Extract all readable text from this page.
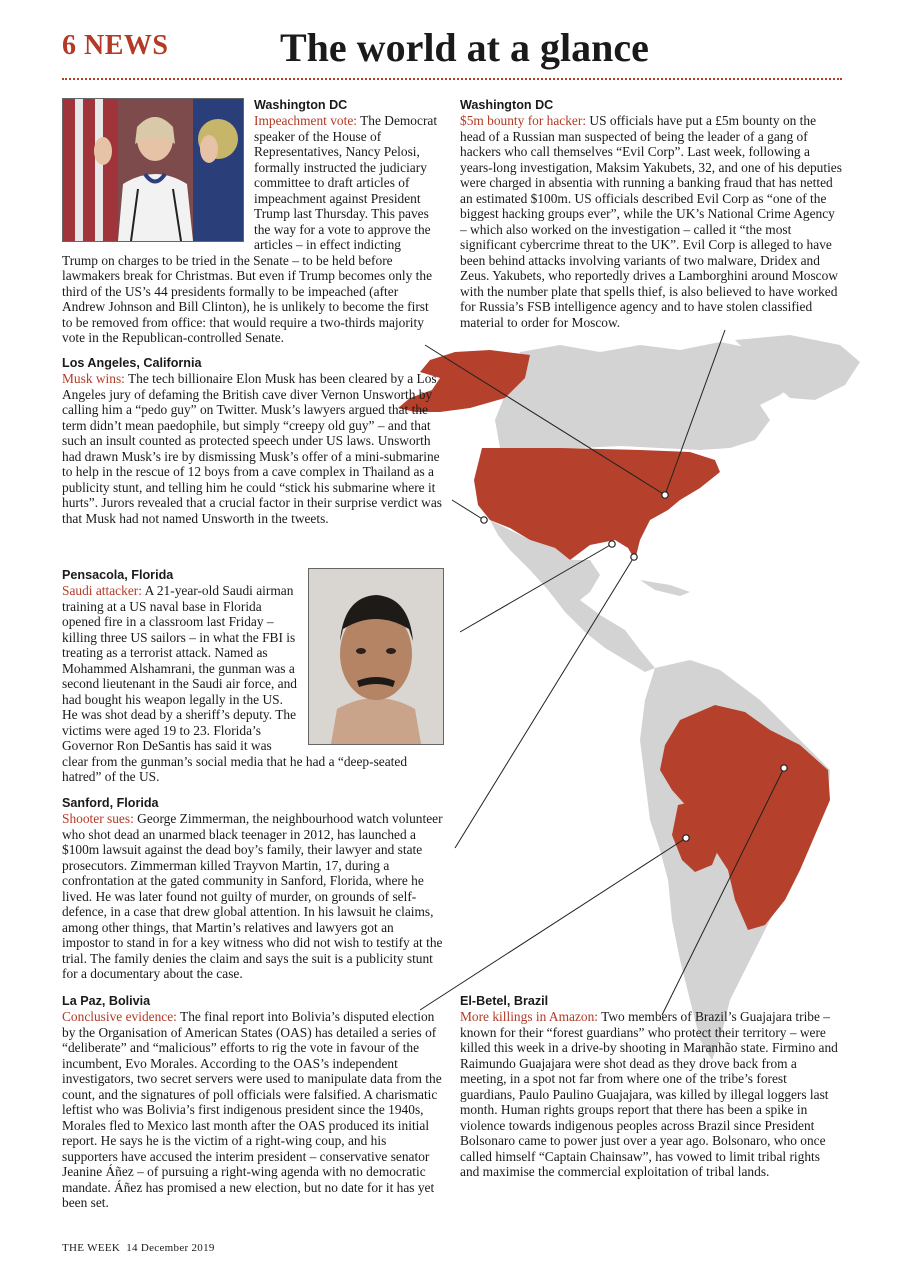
6 NEWS	The world at a glance
Washington DC
Impeachment vote: The Democrat speaker of the House of Representatives, Nancy Pelosi, formally instructed the judiciary committee to draft articles of impeachment against President Trump last Thursday. This paves the way for a vote to approve the articles – in effect indicting Trump on charges to be tried in the Senate – to be held before lawmakers break for Christmas. But even if Trump becomes only the third of the US’s 44 presidents formally to be impeached (after Andrew Johnson and Bill Clinton), he is unlikely to become the first to be removed from office: that would require a two-thirds majority vote in the Republican-controlled Senate.
Washington DC
$5m bounty for hacker: US officials have put a £5m bounty on the head of a Russian man suspected of being the leader of a gang of hackers who call themselves “Evil Corp”. Last week, following a years-long investigation, Maksim Yakubets, 32, and one of his deputies were charged in absentia with running a banking fraud that has netted an estimated $100m. US officials described Evil Corp as “one of the biggest hacking groups ever”, while the UK’s National Crime Agency – which also worked on the investigation – called it “the most significant cybercrime threat to the UK”. Evil Corp is alleged to have been behind attacks involving variants of two malware, Dridex and Zeus. Yakubets, who reportedly drives a Lamborghini around Moscow with the number plate that spells thief, is also believed to have worked for Russia’s FSB intelligence agency and to have stolen classified material to order for Moscow.
Los Angeles, California
Musk wins: The tech billionaire Elon Musk has been cleared by a Los Angeles jury of defaming the British cave diver Vernon Unsworth by calling him a “pedo guy” on Twitter. Musk’s lawyers argued that the term didn’t mean paedophile, but simply “creepy old guy” – and that such an insult counted as protected speech under US laws. Unsworth had drawn Musk’s ire by dismissing Musk’s offer of a mini-submarine to help in the rescue of 12 boys from a cave complex in Thailand as a publicity stunt, and telling him he could “stick his submarine where it hurts”. Jurors revealed that a crucial factor in their surprise verdict was that Musk had not named Unsworth in the tweets.
Pensacola, Florida
Saudi attacker: A 21-year-old Saudi airman training at a US naval base in Florida opened fire in a classroom last Friday – killing three US sailors – in what the FBI is treating as a terrorist attack. Named as Mohammed Alshamrani, the gunman was a second lieutenant in the Saudi air force, and had bought his weapon legally in the US. He was shot dead by a sheriff’s deputy. The victims were aged 19 to 23. Florida’s Governor Ron DeSantis has said it was clear from the gunman’s social media that he had a “deep-seated hatred” of the US.
Sanford, Florida
Shooter sues: George Zimmerman, the neighbourhood watch volunteer who shot dead an unarmed black teenager in 2012, has launched a $100m lawsuit against the dead boy’s family, their lawyer and state prosecutors. Zimmerman killed Trayvon Martin, 17, during a confrontation at the gated community in Sanford, Florida, where he lived. He was later found not guilty of murder, on grounds of self-defence, in a case that drew global attention. In his lawsuit he claims, among other things, that Martin’s relatives and lawyers got an impostor to stand in for a key witness who did not wish to testify at the trial. The family denies the claim and says the suit is a publicity stunt for a documentary about the case.
La Paz, Bolivia
Conclusive evidence: The final report into Bolivia’s disputed election by the Organisation of American States (OAS) has detailed a series of “deliberate” and “malicious” efforts to rig the vote in favour of the incumbent, Evo Morales. According to the OAS’s independent investigators, two secret servers were used to manipulate data from the count, and the signatures of poll officials were falsified. A charismatic leftist who was Bolivia’s first indigenous president since the 1940s, Morales fled to Mexico last month after the OAS produced its initial report. He says he is the victim of a right-wing coup, and his supporters have accused the interim president – conservative senator Jeanine Áñez – of pursuing a right-wing agenda with no democratic mandate. Áñez has promised a new election, but no date for it has yet been set.
El-Betel, Brazil
More killings in Amazon: Two members of Brazil’s Guajajara tribe – known for their “forest guardians” who protect their territory – were killed this week in a drive-by shooting in Maranhão state. Firmino and Raimundo Guajajara were shot dead as they drove back from a meeting, in a spot not far from where one of the tribe’s forest guardians, Paulo Paulino Guajajara, was killed by illegal loggers last month. Human rights groups report that there has been a spike in violence towards indigenous peoples across Brazil since President Bolsonaro came to power just over a year ago. Bolsonaro, who once called himself “Captain Chainsaw”, has vowed to limit tribal rights and maximise the commercial exploitation of tribal lands.
THE WEEK 14 December 2019
